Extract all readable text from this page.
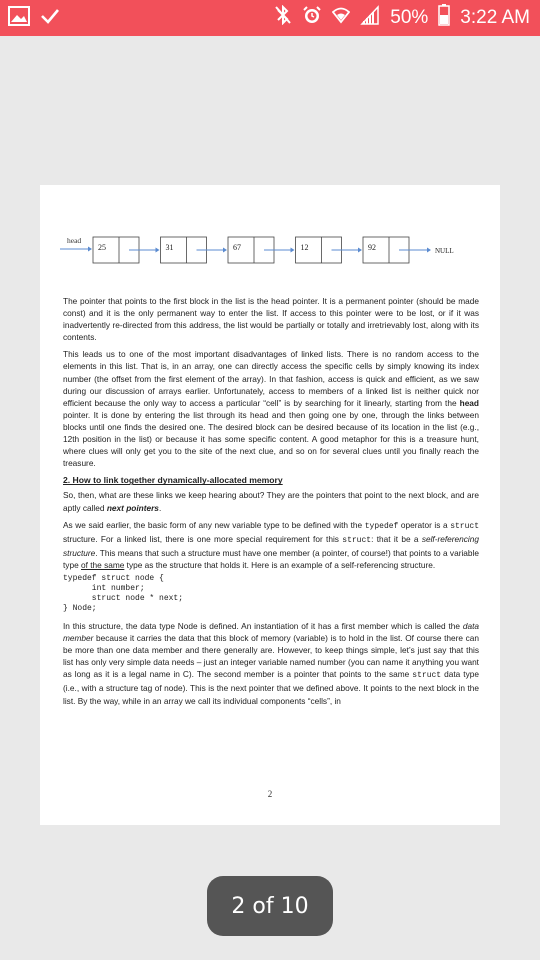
50% 3:22 AM
head
25	31	67	12	92	NULL

The pointer that points to the first block in the list is the head pointer. It is a permanent pointer (should be made const) and it is the only permanent way to enter the list. If access to this pointer were to be lost, or if it was inadvertently re-directed from this address, the list would be partially or totally and irretrievably lost, along with its contents.

This leads us to one of the most important disadvantages of linked lists. There is no random access to the elements in this list. That is, in an array, one can directly access the specific cells by simply knowing its index number (the offset from the first element of the array). In that fashion, access is quick and efficient, as we saw during our discussion of arrays earlier. Unfortunately, access to members of a linked list is neither quick nor efficient because the only way to access a particular “cell” is by searching for it linearly, starting from the head pointer. It is done by entering the list through its head and then going one by one, through the links between blocks until one finds the desired one. The desired block can be desired because of its location in the list (e.g., 12th position in the list) or because it has some specific content. A good metaphor for this is a treasure hunt, where clues will only get you to the site of the next clue, and so on for several clues until you finally reach the treasure.

2. How to link together dynamically-allocated memory

So, then, what are these links we keep hearing about? They are the pointers that point to the next block, and are aptly called next pointers.

As we said earlier, the basic form of any new variable type to be defined with the typedef operator is a struct structure. For a linked list, there is one more special requirement for this struct: that it be a self-referencing structure. This means that such a structure must have one member (a pointer, of course!) that points to a variable type of the same type as the structure that holds it. Here is an example of a self-referencing structure.

typedef struct node {
int number;
struct node * next;
} Node;

In this structure, the data type Node is defined. An instantiation of it has a first member which is called the data member because it carries the data that this block of memory (variable) is to hold in the list. Of course there can be more than one data member and there generally are. However, to keep things simple, let’s just say that this list has only very simple data needs – just an integer variable named number (you can name it anything you want as long as it is a legal name in C). The second member is a pointer that points to the same struct data type (i.e., with a structure tag of node). This is the next pointer that we defined above. It points to the next block in the list. By the way, while in an array we call its individual components “cells”, in

2
2 of 10
